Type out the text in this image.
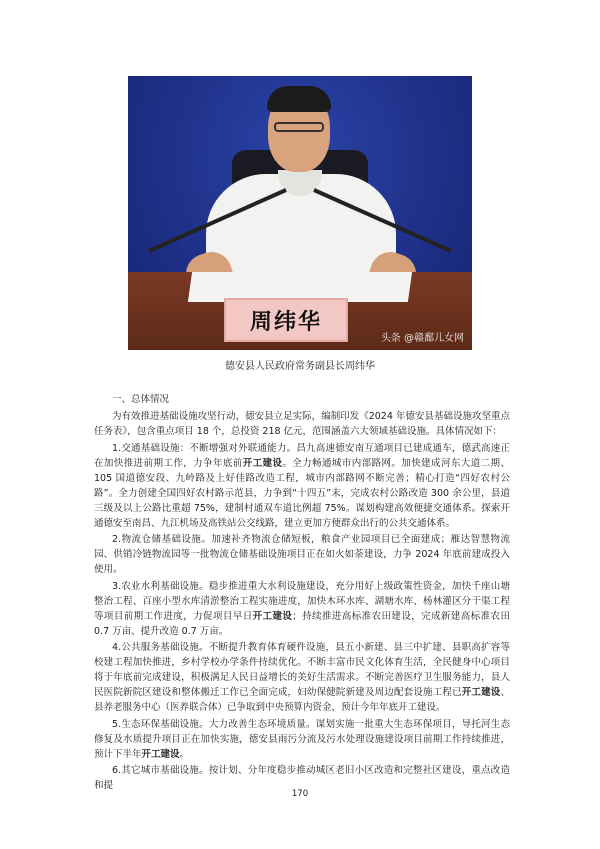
周纬华
头条 @赣鄱儿女网
德安县人民政府常务副县长周纬华
一、总体情况

为有效推进基础设施攻坚行动，德安县立足实际，编制印发《2024 年德安县基础设施攻坚重点任务表》，包含重点项目 18 个，总投资 218 亿元，范围涵盖六大领域基础设施。具体情况如下：

1.交通基础设施：不断增强对外联通能力。昌九高速德安南互通项目已建成通车，德武高速正在加快推进前期工作，力争年底前开工建设。全力畅通城市内部路网。加快建成河东大道二期、105 国道德安段、九岭路及上好佳路改造工程，城市内部路网不断完善；精心打造“四好农村公路”。全力创建全国四好农村路示范县，力争到“十四五”末，完成农村公路改造 300 余公里，县道三级及以上公路比重超 75%，建制村通双车道比例超 75%。谋划构建高效便捷交通体系。探索开通德安至南昌、九江机场及高铁站公交线路，建立更加方便群众出行的公共交通体系。

2.物流仓储基础设施。加速补齐物流仓储短板，粮食产业园项目已全面建成；雁达智慧物流园、供销冷链物流园等一批物流仓储基础设施项目正在如火如荼建设，力争 2024 年底前建成投入使用。

3.农业水利基础设施。稳步推进重大水利设施建设，充分用好上级政策性资金，加快千座山塘整治工程、百座小型水库清淤整治工程实施进度，加快木环水库、湖塘水库、杨林灌区分干渠工程等项目前期工作进度，力促项目早日开工建设；持续推进高标准农田建设，完成新建高标准农田 0.7 万亩、提升改造 0.7 万亩。

4.公共服务基础设施。不断提升教育体育硬件设施，县五小新建、县三中扩建、县职高扩容等校建工程加快推进，乡村学校办学条件持续优化。不断丰富市民文化体育生活，全民健身中心项目将于年底前完成建设，积极满足人民日益增长的美好生活需求。不断完善医疗卫生服务能力，县人民医院新院区建设和整体搬迁工作已全面完成，妇幼保健院新建及周边配套设施工程已开工建设、县养老服务中心（医养联合体）已争取到中央预算内资金，预计今年年底开工建设。

5.生态环保基础设施。大力改善生态环境质量。谋划实施一批重大生态环保项目，导托河生态修复及水质提升项目正在加快实施，德安县雨污分流及污水处理设施建设项目前期工作持续推进，预计下半年开工建设。

6.其它城市基础设施。按计划、分年度稳步推动城区老旧小区改造和完整社区建设，重点改造和提

170
